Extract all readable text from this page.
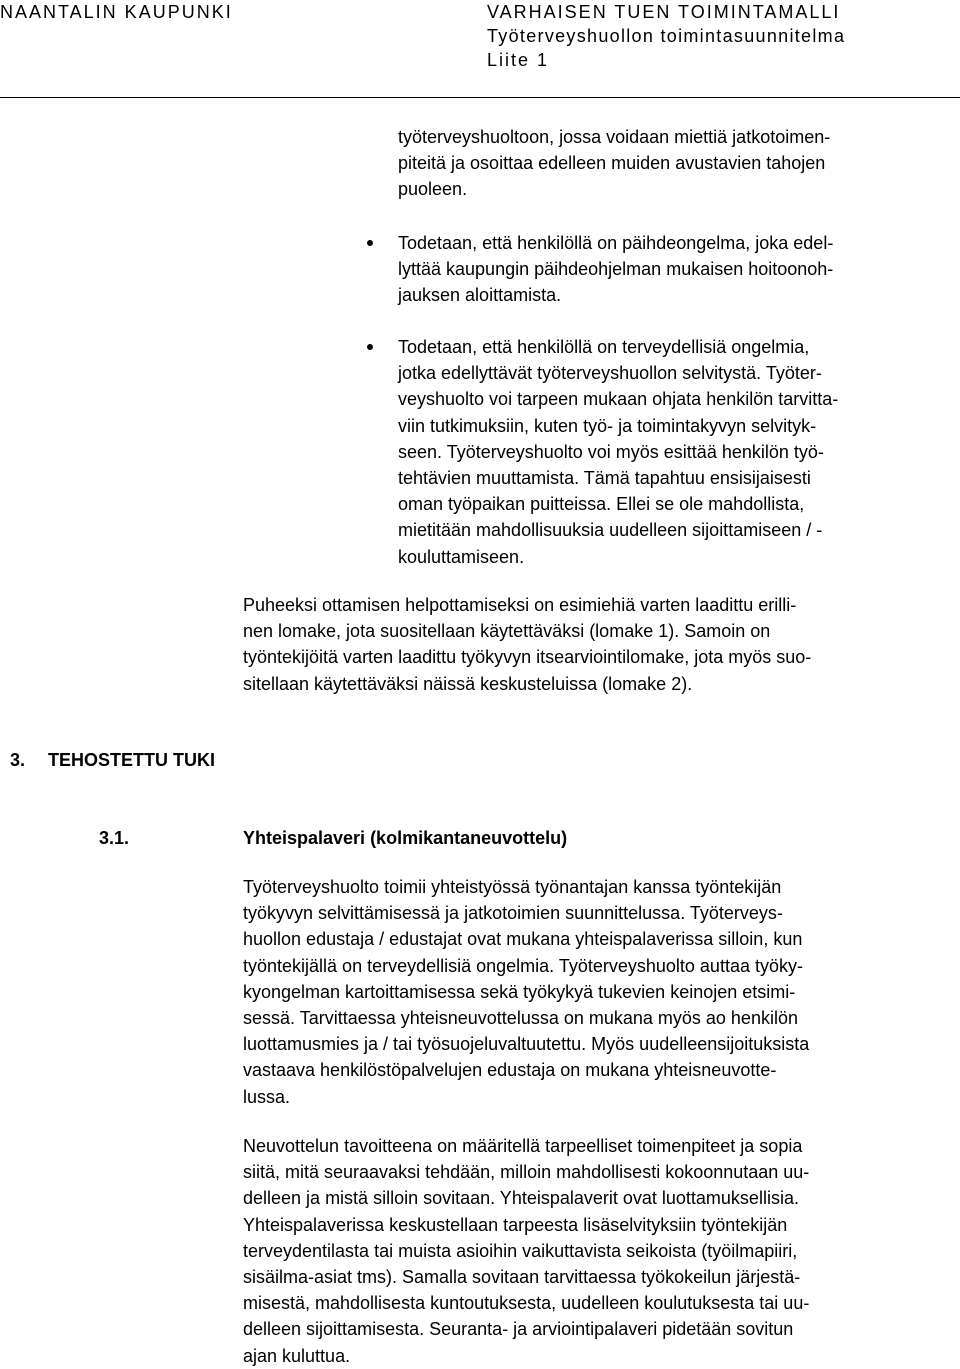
NAANTALIN KAUPUNKI	VARHAISEN TUEN TOIMINTAMALLI
Työterveyshuollon toimintasuunnitelma
Liite 1
työterveyshuoltoon, jossa voidaan miettiä jatkotoimen-
piteitä ja osoittaa edelleen muiden avustavien tahojen
puoleen.
Todetaan, että henkilöllä on päihdeongelma, joka edel-
lyttää kaupungin päihdeohjelman mukaisen hoitoonoh-
jauksen aloittamista.
Todetaan, että henkilöllä on terveydellisiä ongelmia,
jotka edellyttävät työterveyshuollon selvitystä. Työter-
veyshuolto voi tarpeen mukaan ohjata henkilön tarvitta-
viin tutkimuksiin, kuten työ- ja toimintakyvyn selvityk-
seen. Työterveyshuolto voi myös esittää henkilön työ-
tehtävien muuttamista. Tämä tapahtuu ensisijaisesti
oman työpaikan puitteissa. Ellei se ole mahdollista,
mietitään mahdollisuuksia uudelleen sijoittamiseen / -
kouluttamiseen.
Puheeksi ottamisen helpottamiseksi on esimiehiä varten laadittu erilli-
nen lomake, jota suositellaan käytettäväksi (lomake 1). Samoin on
työntekijöitä varten laadittu työkyvyn itsearviointilomake, jota myös suo-
sitellaan käytettäväksi näissä keskusteluissa (lomake 2).
3. TEHOSTETTU TUKI
3.1.	Yhteispalaveri (kolmikantaneuvottelu)
Työterveyshuolto toimii yhteistyössä työnantajan kanssa työntekijän
työkyvyn selvittämisessä ja jatkotoimien suunnittelussa. Työterveys-
huollon edustaja / edustajat ovat mukana yhteispalaverissa silloin, kun
työntekijällä on terveydellisiä ongelmia. Työterveyshuolto auttaa työky-
kyongelman kartoittamisessa sekä työkykyä tukevien keinojen etsimi-
sessä. Tarvittaessa yhteisneuvottelussa on mukana myös ao henkilön
luottamusmies ja / tai työsuojeluvaltuutettu. Myös uudelleensijoituksista
vastaava henkilöstöpalvelujen edustaja on mukana yhteisneuvotte-
lussa.
Neuvottelun tavoitteena on määritellä tarpeelliset toimenpiteet ja sopia
siitä, mitä seuraavaksi tehdään, milloin mahdollisesti kokoonnutaan uu-
delleen ja mistä silloin sovitaan. Yhteispalaverit ovat luottamuksellisia.
Yhteispalaverissa keskustellaan tarpeesta lisäselvityksiin työntekijän
terveydentilasta tai muista asioihin vaikuttavista seikoista (työilmapiiri,
sisäilma-asiat tms). Samalla sovitaan tarvittaessa työkokeilun järjestä-
misestä, mahdollisesta kuntoutuksesta, uudelleen koulutuksesta tai uu-
delleen sijoittamisesta. Seuranta- ja arviointipalaveri pidetään sovitun
ajan kuluttua.
